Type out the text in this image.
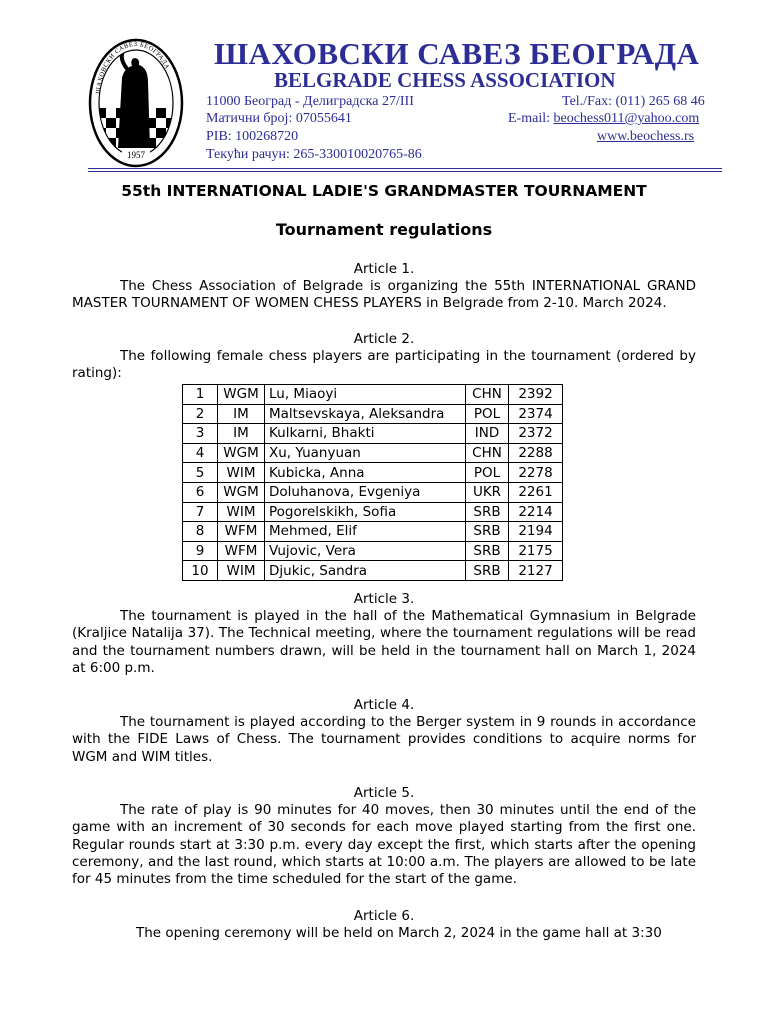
1957
ШАХОВСКИ САВЕЗ БЕОГРАДА ШАХОВСКИ САВЕЗ БЕОГРАДА
BELGRADE CHESS ASSOCIATION
11000 Београд - Делиградска 27/III	Tel./Fax: (011) 265 68 46
Матични број: 07055641	E-mail: beochess011@yahoo.com
PIB: 100268720	www.beochess.rs
Текући рачун: 265-330010020765-86
55th INTERNATIONAL LADIE'S GRANDMASTER TOURNAMENT
Tournament regulations
Article 1.
The Chess Association of Belgrade is organizing the 55th INTERNATIONAL GRAND MASTER TOURNAMENT OF WOMEN CHESS PLAYERS in Belgrade from 2-10. March 2024.
Article 2.
The following female chess players are participating in the tournament (ordered by rating):
1	WGM	Lu, Miaoyi	CHN	2392
2	IM	Maltsevskaya, Aleksandra	POL	2374
3	IM	Kulkarni, Bhakti	IND	2372
4	WGM	Xu, Yuanyuan	CHN	2288
5	WIM	Kubicka, Anna	POL	2278
6	WGM	Doluhanova, Evgeniya	UKR	2261
7	WIM	Pogorelskikh, Sofia	SRB	2214
8	WFM	Mehmed, Elif	SRB	2194
9	WFM	Vujovic, Vera	SRB	2175
10	WIM	Djukic, Sandra	SRB	2127
Article 3.
The tournament is played in the hall of the Mathematical Gymnasium in Belgrade (Kraljice Natalija 37). The Technical meeting, where the tournament regulations will be read and the tournament numbers drawn, will be held in the tournament hall on March 1, 2024 at 6:00 p.m.
Article 4.
The tournament is played according to the Berger system in 9 rounds in accordance with the FIDE Laws of Chess. The tournament provides conditions to acquire norms for WGM and WIM titles.
Article 5.
The rate of play is 90 minutes for 40 moves, then 30 minutes until the end of the game with an increment of 30 seconds for each move played starting from the first one. Regular rounds start at 3:30 p.m. every day except the first, which starts after the opening ceremony, and the last round, which starts at 10:00 a.m. The players are allowed to be late for 45 minutes from the time scheduled for the start of the game.
Article 6.
The opening ceremony will be held on March 2, 2024 in the game hall at 3:30
